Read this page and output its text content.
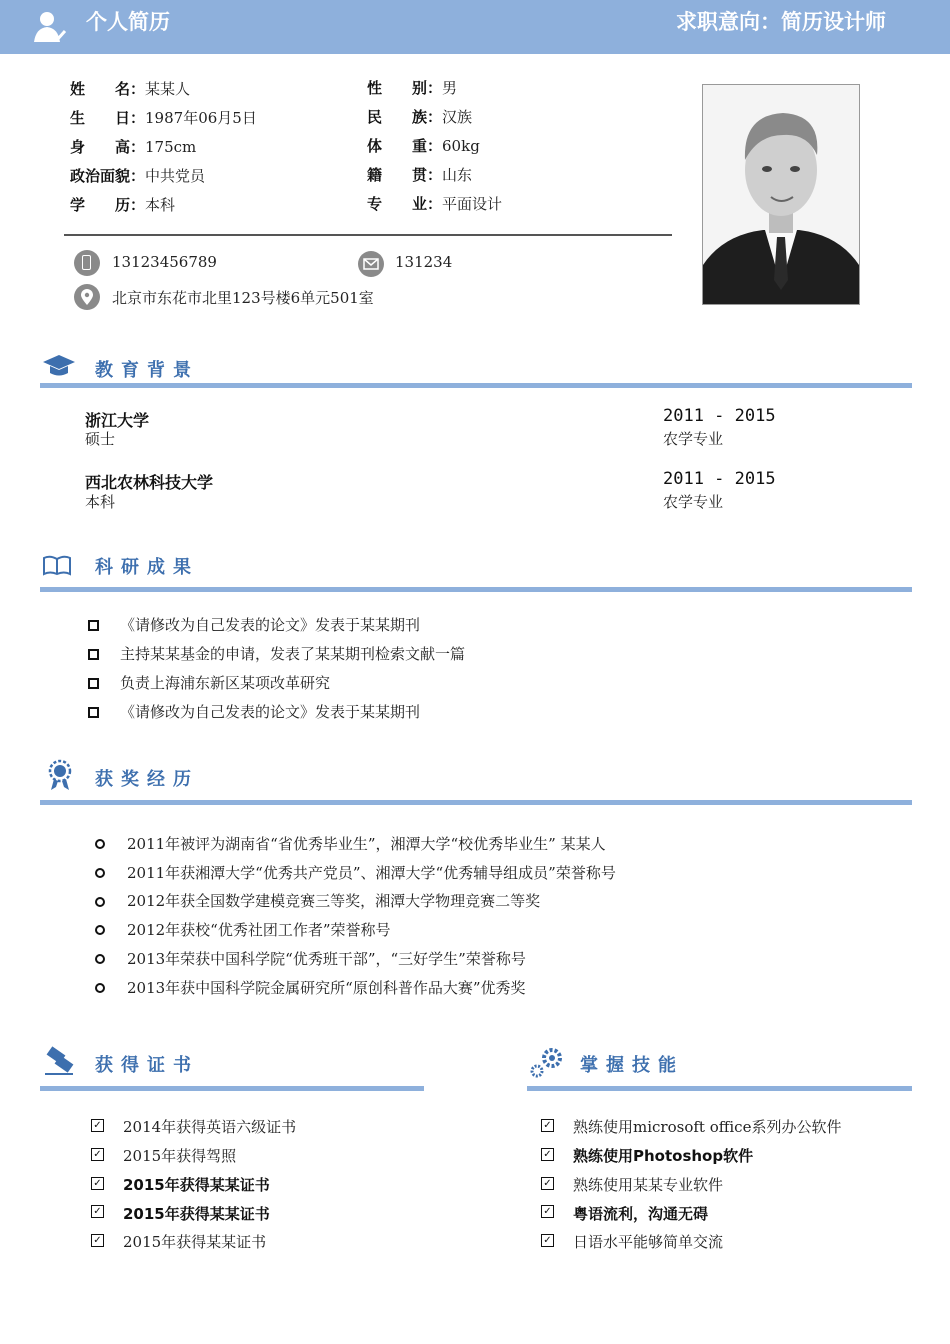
个人简历	求职意向：简历设计师
姓　　名：某某人
生　　日：1987年06月5日
身　　高：175cm
政治面貌：中共党员
学　　历：本科
性　　别：男
民　　族：汉族
体　　重：60kg
籍　　贯：山东
专　　业：平面设计
13123456789	131234
北京市东花市北里123号楼6单元501室
教育背景
浙江大学
硕士
2011 - 2015
农学专业
西北农林科技大学
本科
2011 - 2015
农学专业
科研成果
《请修改为自己发表的论文》发表于某某期刊
主持某某基金的申请，发表了某某期刊检索文献一篇
负责上海浦东新区某项改革研究
《请修改为自己发表的论文》发表于某某期刊
获奖经历
2011年被评为湖南省“省优秀毕业生”，湘潭大学“校优秀毕业生” 某某人
2011年获湘潭大学“优秀共产党员”、湘潭大学“优秀辅导组成员”荣誉称号
2012年获全国数学建模竞赛三等奖，湘潭大学物理竞赛二等奖
2012年获校“优秀社团工作者”荣誉称号
2013年荣获中国科学院“优秀班干部”，“三好学生”荣誉称号
2013年获中国科学院金属研究所“原创科普作品大赛”优秀奖
获得证书
✓ 2014年获得英语六级证书
✓ 2015年获得驾照
✓ 2015年获得某某证书
✓ 2015年获得某某证书
✓ 2015年获得某某证书
掌握技能
✓ 熟练使用microsoft office系列办公软件
✓ 熟练使用Photoshop软件
✓ 熟练使用某某专业软件
✓ 粤语流利，沟通无碍
✓ 日语水平能够简单交流
